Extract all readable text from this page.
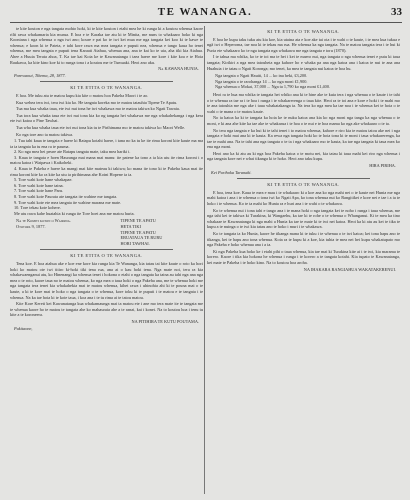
TE WANANGA.	33

te kite kouton e nga tangata mohio hoki, ki te kite kouton i etahi mea he ki runga ki a koutou whenua kaore rilti rawa whakamaria kia murua. E hoa e te Karaka tae atu ki te Minita, me nuns to whakaaro hoko ki nga Kooniana i nga whenua o nga iwi ano; koure e pai ko te iwi kei mua me nga tangata kei koo ki te kawe te whenua; e koon ki te Pateta, e tahi kore rawa ma mea tangata e puputi nea, whenua e tango kaua ho tenei whenua, me mea tangata e puputi tena Karaati Atahua, whenua ana, ana te kai ko te uia, aha tiki kia Atahua. Ahee a Huuia Terata ahoa, T. Ka tae kai Koia ke te Kawanatanga i taea haere me kore i kite koa e te Hoia Raukawa, ka kite kino koe ki to runga tona i a koutou me te Tumuaki. Heoi ano aku.

Na KAWANA HUNIA.

Parewanui, Tihema, 28, 1877.

KI TE ETITA O TE WANANGA.

E hoa. Me tuku atu te matou kupu kia kite o matou hoa Pakeha Maori i te ao.

Kua wehea tera iwi, tera iwi kia ko. He tangata koreka mo te matou tatauhia Tipene Te Apatu.

Tua ma kua whaka taua, ete iwi nui tona he iwi whakawa mo te matou takiwa ko Ngati Tawaia.

Tua tora kua whaka taua ete iwi nui tona kia ko ng tangata hei whakawa me nga whakahekanga i nga kera ete iwi katoa o Pine Tawhai.

Tua wha kua whaka taua ete iwi nui tona kia tu te Pirihimana mo te matou takiwa ko Maori Welle.

Ko nga tore ano ta matou takiwa.

1. Tua tahi kaua te tangata e haere ki Ratapu kotahi haere, i tana no ka tu ke ite rima koroni kite kaute ma ma ia ia tangata ka tu ena ra te pauma.

2. Ko nga mea hei peure ate Ratapu tangata mate, taku mea hariki i.

3. Kaua te tangata e hoen Hauranga mai mana mai manu: ite patene ka tono a ia kia utu ite rima koroni i o matou katoa i Waipawa i Kaikoheki.

4. Kaua te Pakeha e haere ka mangi mai kite mateau ki takiwa; ko mana ite tono ki te Pakeha kaua mai ite rima koroni kite ko ra kite ka utu ia pirihimana ahe Koini Hopene ia ia.

5. Tore wahi kote hane whakapae.

6. Tore wahi kote hane taina.

7. Tore wahi kote hane Paru.

8. Tore wahi kote Paurata ate tangata ite wahine me tangata.

9. Tore wahi kote ete mea tangata ite wahine marana me mate.

10. Tore tekau kote kohere.

Me utu rawa kahe huatahia ki runga ite Tore hoei ana me matou huria.

Na te Komiti koton o Waipawa.
Ototopa 9, 1877.
TIPENE TE APATU
HETA TIKI
TIPENE TE APATU
ERUATAUA TE RURU
HORI TAWHAI.

KI TE ETITA O TE WANANGA.

Tena koe. E hoa atahua ake e koe ene kore kia runga kia Te Wananga, kia tatau tai kite kaute o roto ka hori hoki ko matou ote iwi titiro ki-hoki tiki tena rua, ana ai o kau hoki tena. Nga mate noi, tera ra kia whakawaenganui atu, ko Hinenangi ka whenua tenei i hokona o etahi o nga tangata ka taina au tahi nga ana nga mea o te roto, kaore taua no te matou whenua, ko nga mea o taua hoki o nga Pakeha ana, me te whenua hoki me nga tangata tera tenei kia whakahekia mai te matou whenua, kihei rawa i uhinohia ahi ki te pouna mai o te kaute, a ki te kore mai te hoko o nga tangata o te whenua, kore toku ki te puputi i te matou e te tangata i te whenua. Na ka tae hoia ki te kote taua, i koa ana i te tu rima ai te tatou matou.

Kite Kore Kereti kei Kawanatanga kua whakamaunga mai ta matou ete i ane mo tera mate ite te tangata me te whenua kaore ho te matou te tangata ahe ko mahauraia ahe a te ranai, kai i konei. Na to koutou hoa i tenu tu kite a te koroneera.

NA PITIHIRA TE KUTU POUTAMA.

Pukitaone,

KI TE ETITA O TE WANANGA.

E hoa he kupu taku tuku atu kia koe, kia utaina ata e koe ake tai ota i te wahi o te kaute, i te mea kua tukua e ngā iwi o Heperoma, tae noa ki te tekau ma rua. He whenua ka nga tangata. Na te matou tangata tera i te hui ki Puria ete whakaaro ko te nga tangata nga whakawa me nga tangata e toru (1870).

I te tahua ma whika, ko te te toi ma te hei i kei te maero nui, nga tangata o nga whenua tenei e putu ki taua tangata; Kirikiri a nga mea tatouheia nga kahore ho e whaka pa ana nga katoa ana i katoa te nui te ana ana Huahuia i te tatau o Ngati Koronga; mo tenei, ka mea te tangata nui katoa te hoa hu.

Nga tangata o Ngati Hauiti, 14 ... ko ina heki, £3,200.

Nga tangata o te rarohanga 14 ... ko nga moni £1,900.

Nga whenua o Mokai, 37,000 ... Nga ta 1,790 ko nga moni £1,400.

Heoi ra te hua ma whika te tangata hei whiko ana ki te hine ake te kuia tera i nga whenua o te kaute i te tahi o te whenua ra tae ra i te hoa i runga i te whakarerenga o taua kite. Heoi ra te toi ana e kore e hoki i te mahi mo te ana tatouhia me nga ake i taua whakatakanga ia. Na tera ko nga mea ka tae noa i te whenua kei te hoia o te wahi o te mana o te matou kaute.

No ia katoa ka ki te tangata ka hoia ke te nuku katoa ana kia ko nga moni nga tanga ka nga whenua o te moni, e ki ana ahe kite ka tae ake te whakarua i te hoa o te nui e te hoa mama ko nga ake whakaaro o te ta.

No tera nga tangata e ka hui ki te tahi tenei i to matou whenua, kahore e riro kia te matou tatou ake nei i nga tangata e hoki mai ana ki te kauta. Ka rewa nga tangata hoki ko te hoia tona ki te moni i taua whakarerenga, ka tae te mahi ana. Na te tahi ana nga tangata o te ta i nga whakaaro mo te kauta, ka tae nga tangata ki taua mea ko ena nga moni.

Heoi ano ka ki atu au ki nga hoa Pakeha katoa o te motu nei, kia tatau ki taua mahi kei riro nga whenua i nga tangata kore nei e whai tikanga ki te hoko. Heoi ano taku kupu.

HIRA PIRIHA.

Kei Purihoka Taranaki.

KI TE ETITA O TE WANANGA.

E hoa, tena koe. Kaua te mea e mau i te whakaaro ki a koe ana ko nga mahi nei o te kaute nei Hunia me nga mahi katoa i ana i te whenua o tona iwi ko Ngati Apa, ko tona whenua nui ko Rangitikei e kore nei e tae i a ia te hoko i te whenua. Ko te ta mahi ko Hunia ra e huri ana i te wahi o te whakawa.

Ko te whenua nui i tona tahi e tango ana i te mana hoki o nga tangata kei te noho i runga i taua whenua, me nga tahi kei te takiwa ki Turakina, ki Wangaehu, ka tae ki te rohe o te whenua o Whanganui. Ki te mea ka tino whakaae te Kawanatanga ki nga mahi a Hunia ka tae te mate ki te iwi nei katoa. Heoi ka ki atu au kei te tika te kupu a te nuinga o te iwi kia tatau ano te hoko i muri i te whakawa.

Ko te tangata ia ko Hunia, kaore he tikanga mana ki te tuku i te whenua o te iwi katoa; kei tona hapu ano te tikanga, kei te hapu ano tona whenua. Koia ra te kupu ki a koe, kia tuhia te mea nei hei kupu whakatupato mo nga Pakeha e hoko whenua ana i a ia.

Ki nga Pakeha kua hoko ke i etahi pihi o taua whenua, kia tae mai ki Turakina kite ai i te iwi, kia marama te korero. Kaore i tika kia hokona he whenua i runga i te korero a te tangata kotahi. Kia tupato te Kawanatanga, kei mate te Pakeha i te hoko kino. Na to koutou hoa aroha.

NA IHAKARA RANGIAHUA WAKATAKERENUI.
